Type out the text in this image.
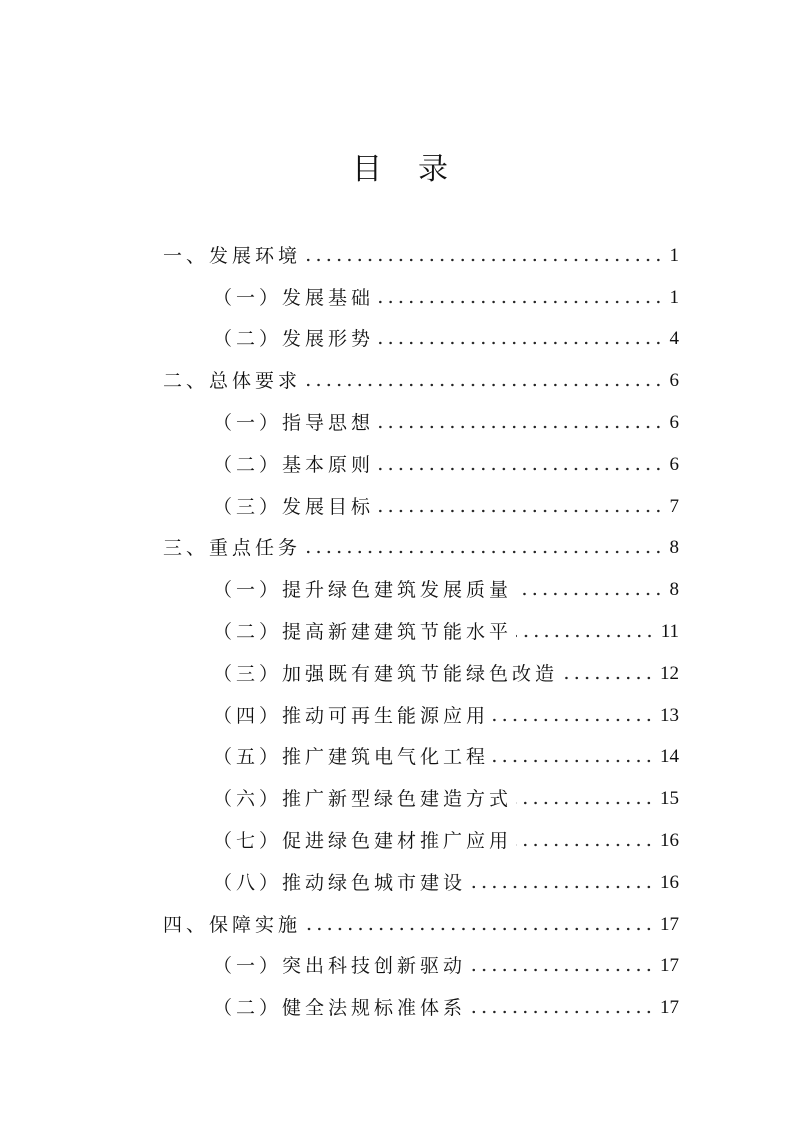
目 录
一、发展环境	1
（一）发展基础	1
（二）发展形势	4
二、总体要求	6
（一）指导思想	6
（二）基本原则	6
（三）发展目标	7
三、重点任务	8
（一）提升绿色建筑发展质量	8
（二）提高新建建筑节能水平	11
（三）加强既有建筑节能绿色改造	12
（四）推动可再生能源应用	13
（五）推广建筑电气化工程	14
（六）推广新型绿色建造方式	15
（七）促进绿色建材推广应用	16
（八）推动绿色城市建设	16
四、保障实施	17
（一）突出科技创新驱动	17
（二）健全法规标准体系	17
